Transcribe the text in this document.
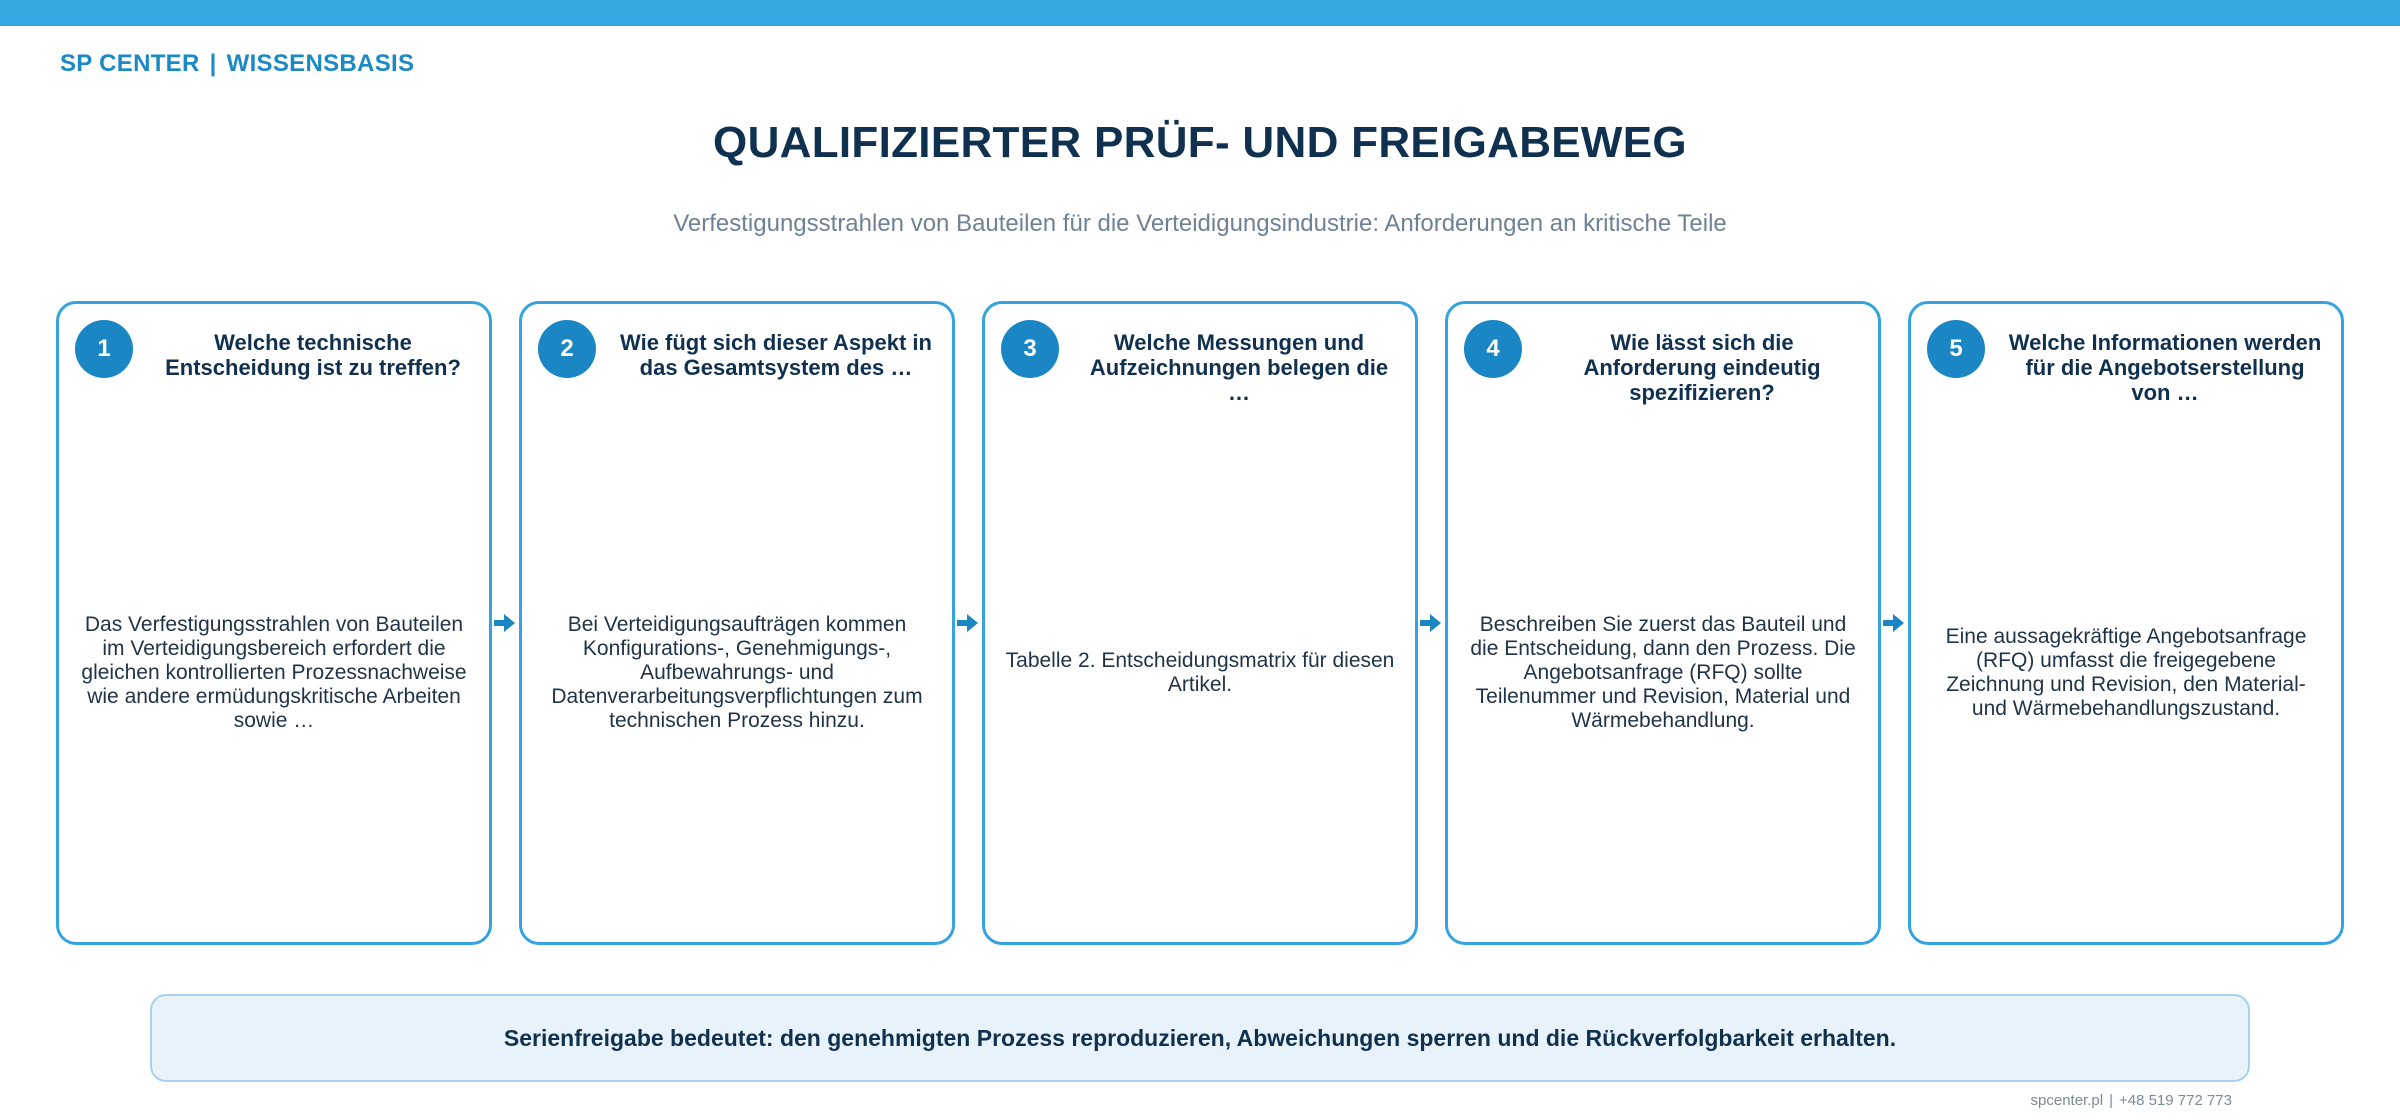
SP CENTER | WISSENSBASIS
QUALIFIZIERTER PRÜF- UND FREIGABEWEG
Verfestigungsstrahlen von Bauteilen für die Verteidigungsindustrie: Anforderungen an kritische Teile
1	Welche technische Entscheidung ist zu treffen?
Das Verfestigungsstrahlen von Bauteilen im Verteidigungsbereich erfordert die gleichen kontrollierten Prozessnachweise wie andere ermüdungskritische Arbeiten sowie …
2	Wie fügt sich dieser Aspekt in das Gesamtsystem des …
Bei Verteidigungsaufträgen kommen Konfigurations-, Genehmigungs-, Aufbewahrungs- und Datenverarbeitungsverpflichtungen zum technischen Prozess hinzu.
3	Welche Messungen und Aufzeichnungen belegen die …
Tabelle 2. Entscheidungsmatrix für diesen Artikel.
4	Wie lässt sich die Anforderung eindeutig spezifizieren?
Beschreiben Sie zuerst das Bauteil und die Entscheidung, dann den Prozess. Die Angebotsanfrage (RFQ) sollte Teilenummer und Revision, Material und Wärmebehandlung.
5	Welche Informationen werden für die Angebotserstellung von …
Eine aussagekräftige Angebotsanfrage (RFQ) umfasst die freigegebene Zeichnung und Revision, den Material- und Wärmebehandlungszustand.
Serienfreigabe bedeutet: den genehmigten Prozess reproduzieren, Abweichungen sperren und die Rückverfolgbarkeit erhalten.
spcenter.pl | +48 519 772 773
